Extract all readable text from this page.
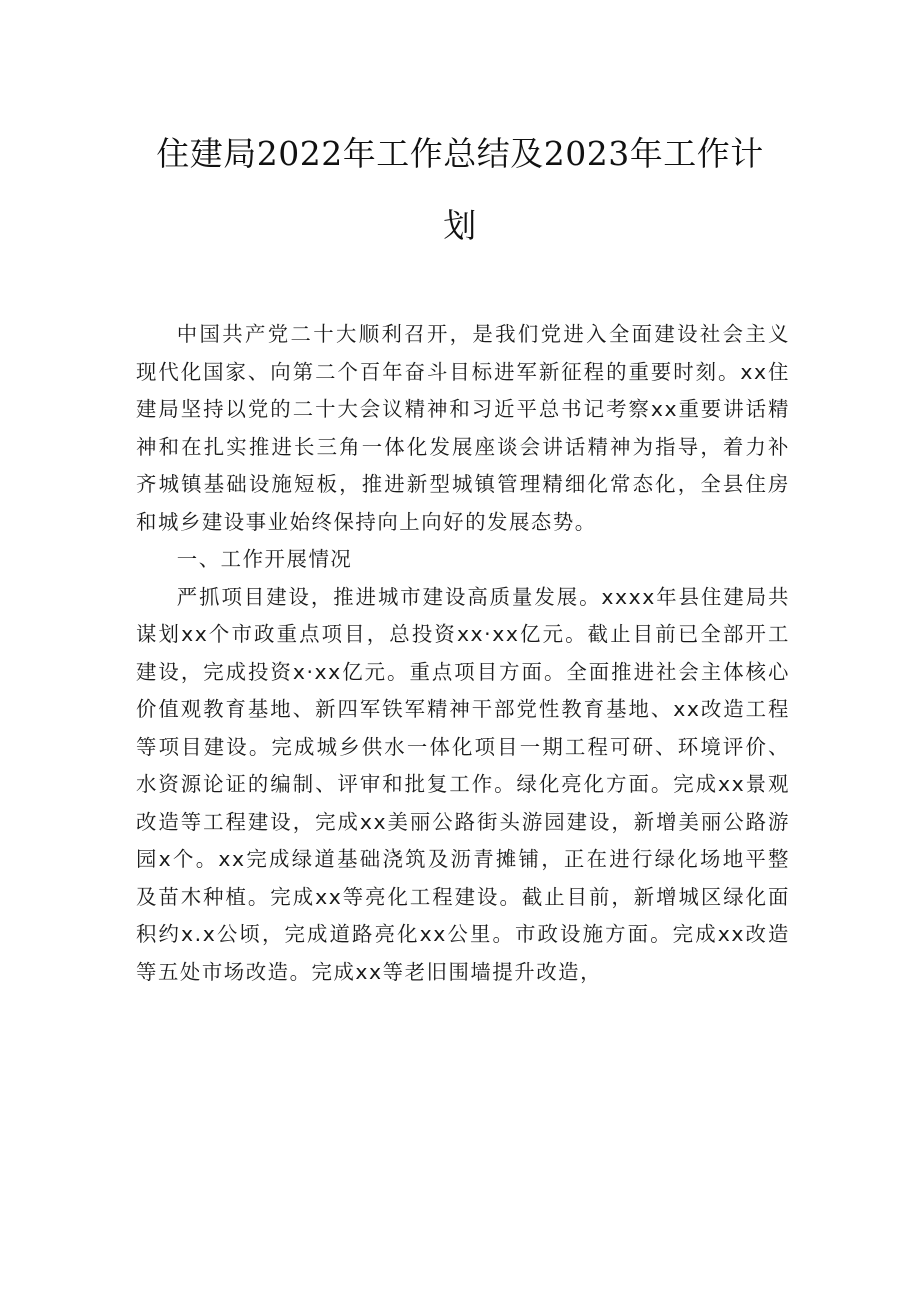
住建局2022年工作总结及2023年工作计
划

中国共产党二十大顺利召开，是我们党进入全面建设社会主义现代化国家、向第二个百年奋斗目标进军新征程的重要时刻。xx住建局坚持以党的二十大会议精神和习近平总书记考察xx重要讲话精神和在扎实推进长三角一体化发展座谈会讲话精神为指导，着力补齐城镇基础设施短板，推进新型城镇管理精细化常态化，全县住房和城乡建设事业始终保持向上向好的发展态势。

一、工作开展情况

严抓项目建设，推进城市建设高质量发展。xxxx年县住建局共谋划xx个市政重点项目，总投资xx·xx亿元。截止目前已全部开工建设，完成投资x·xx亿元。重点项目方面。全面推进社会主体核心价值观教育基地、新四军铁军精神干部党性教育基地、xx改造工程等项目建设。完成城乡供水一体化项目一期工程可研、环境评价、水资源论证的编制、评审和批复工作。绿化亮化方面。完成xx景观改造等工程建设，完成xx美丽公路街头游园建设，新增美丽公路游园x个。xx完成绿道基础浇筑及沥青摊铺，正在进行绿化场地平整及苗木种植。完成xx等亮化工程建设。截止目前，新增城区绿化面积约x.x公顷，完成道路亮化xx公里。市政设施方面。完成xx改造等五处市场改造。完成xx等老旧围墙提升改造，
